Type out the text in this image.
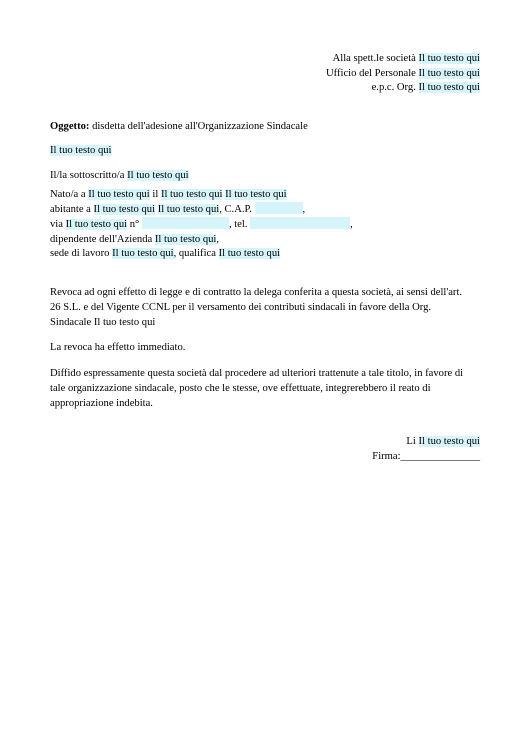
Alla spett.le società Il tuo testo qui
Ufficio del Personale Il tuo testo qui
e.p.c. Org. Il tuo testo qui
Oggetto: disdetta dell'adesione all'Organizzazione Sindacale
Il tuo testo qui
Il/la sottoscritto/a Il tuo testo qui
Nato/a a Il tuo testo qui il Il tuo testo qui Il tuo testo qui
abitante a Il tuo testo qui Il tuo testo qui, C.A.P.	,
via Il tuo testo qui n°	, tel.	,
dipendente dell'Azienda Il tuo testo qui,
sede di lavoro Il tuo testo qui, qualifica Il tuo testo qui
Revoca ad ogni effetto di legge e di contratto la delega conferita a questa società, ai sensi dell'art.
26 S.L. e del Vigente CCNL per il versamento dei contributi sindacali in favore della Org.
Sindacale Il tuo testo qui
La revoca ha effetto immediato.
Diffido espressamente questa società dal procedere ad ulteriori trattenute a tale titolo, in favore di
tale organizzazione sindacale, posto che le stesse, ove effettuate, integrerebbero il reato di
appropriazione indebita.
Li Il tuo testo qui
Firma:_______________
